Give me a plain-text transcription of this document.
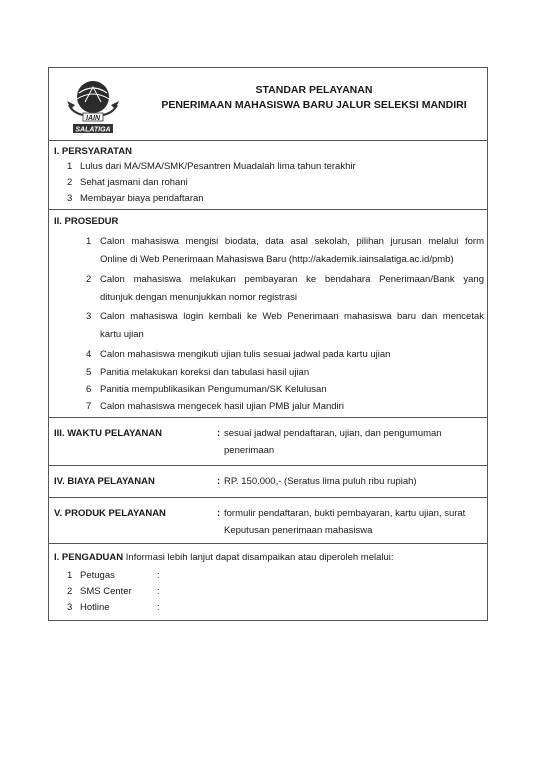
IAIN
SALATIGA
STANDAR PELAYANAN
PENERIMAAN MAHASISWA BARU JALUR SELEKSI MANDIRI
I. PERSYARATAN
1 Lulus dari MA/SMA/SMK/Pesantren Muadalah lima tahun terakhir
2 Sehat jasmani dan rohani
3 Membayar biaya pendaftaran
II. PROSEDUR
1 Calon mahasiswa mengisi biodata, data asal sekolah, pilihan jurusan melalui form
Online di Web Penerimaan Mahasiswa Baru (http://akademik.iainsalatiga.ac.id/pmb)
2 Calon mahasiswa melakukan pembayaran ke bendahara Penerimaan/Bank yang
ditunjuk dengan menunjukkan nomor registrasi
3 Calon mahasiswa login kembali ke Web Penerimaan mahasiswa baru dan mencetak
kartu ujian
4 Calon mahasiswa mengikuti ujian tulis sesuai jadwal pada kartu ujian
5 Panitia melakukan koreksi dan tabulasi hasil ujian
6 Panitia mempublikasikan Pengumuman/SK Kelulusan
7 Calon mahasiswa mengecek hasil ujian PMB jalur Mandiri
III. WAKTU PELAYANAN	: sesuai jadwal pendaftaran, ujian, dan pengumuman
penerimaan
IV. BIAYA PELAYANAN	: RP. 150.000,- (Seratus lima puluh ribu rupiah)
V. PRODUK PELAYANAN	: formulir pendaftaran, bukti pembayaran, kartu ujian, surat
Keputusan penerimaan mahasiswa
I. PENGADUAN Informasi lebih lanjut dapat disampaikan atau diperoleh melalui:
1 Petugas	:
2 SMS Center	:
3 Hotline	:
